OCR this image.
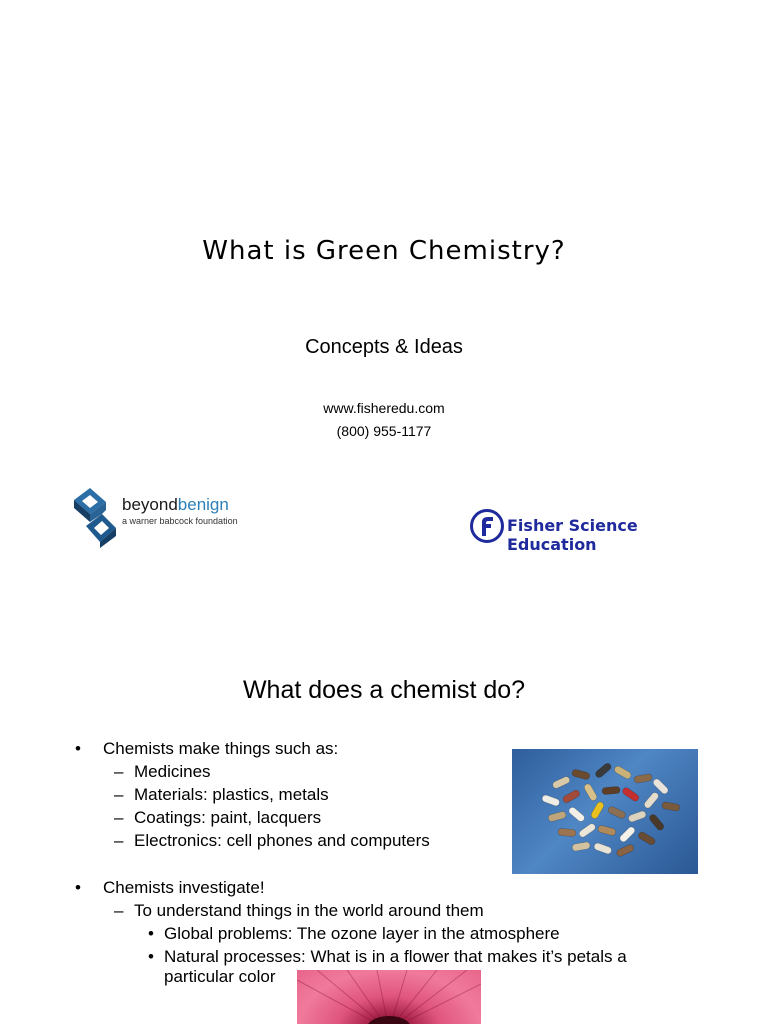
What is Green Chemistry?
Concepts & Ideas
www.fisheredu.com
(800) 955-1177
beyondbenign
a warner babcock foundation	Fisher Science Education
What does a chemist do?
• Chemists make things such as:
– Medicines
– Materials: plastics, metals
– Coatings: paint, lacquers
– Electronics: cell phones and computers
• Chemists investigate!
– To understand things in the world around them
• Global problems: The ozone layer in the atmosphere
• Natural processes: What is in a flower that makes it’s petals a
particular color
